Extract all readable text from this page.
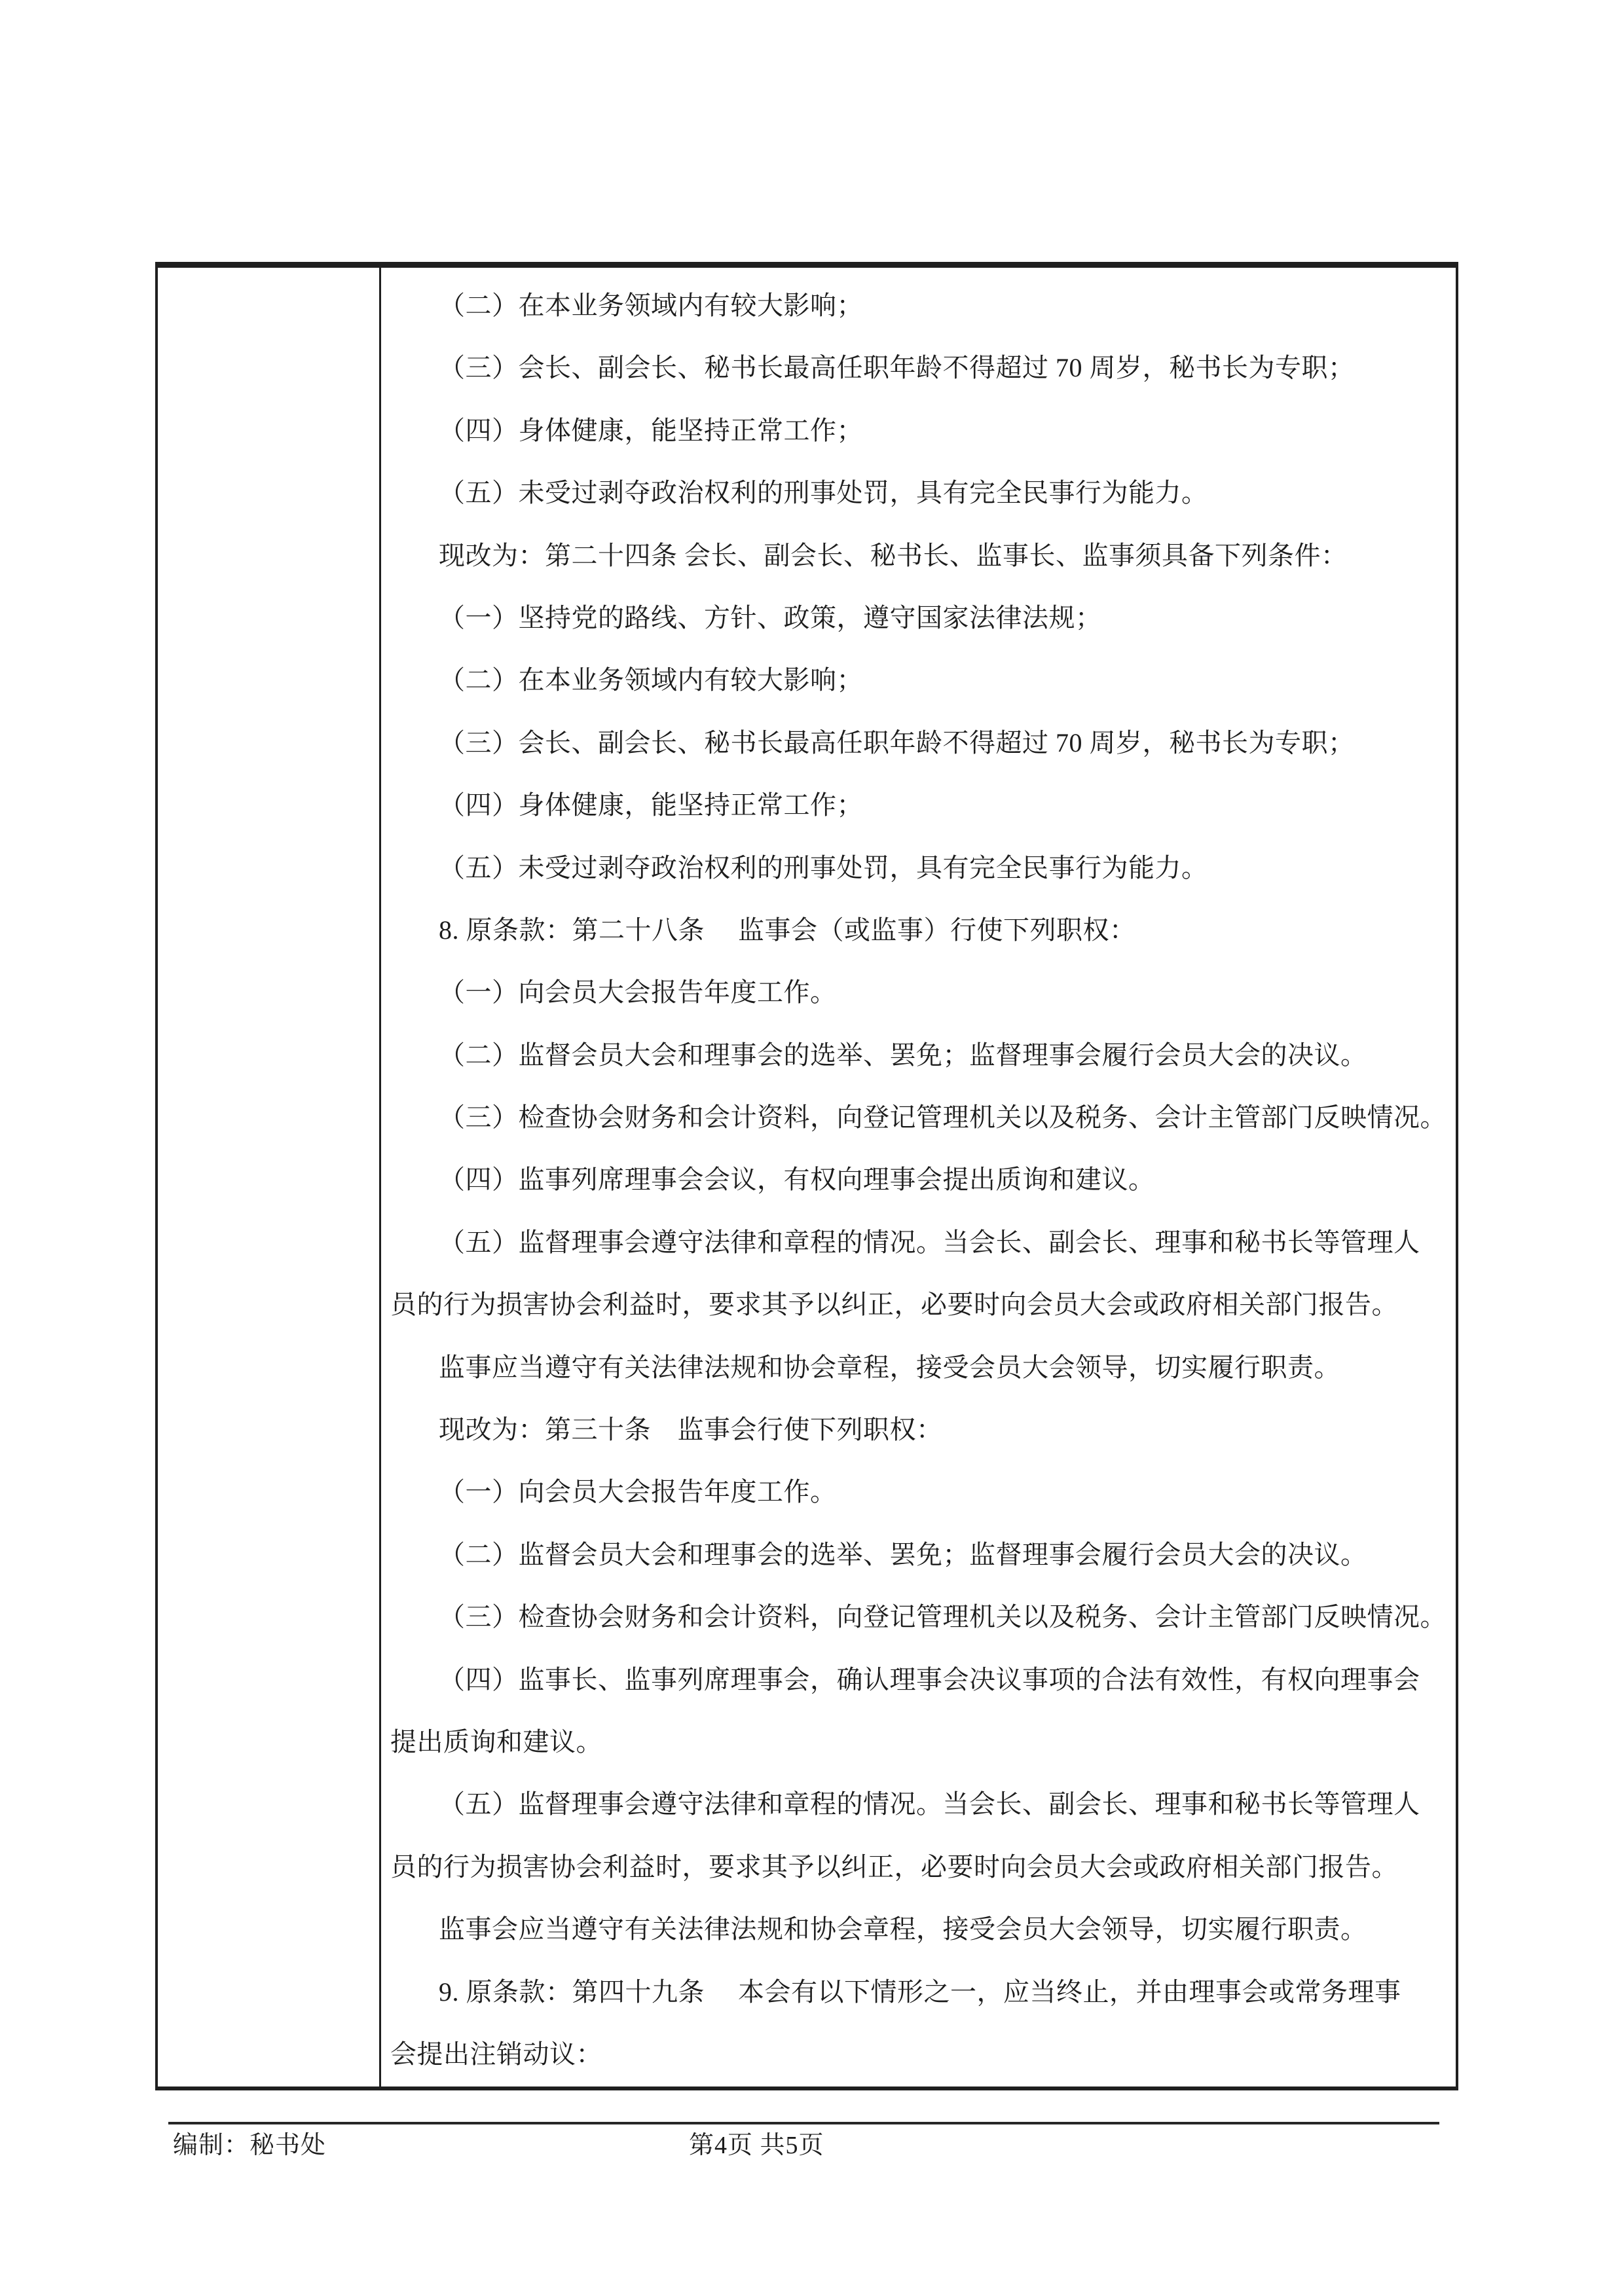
（二）在本业务领域内有较大影响；
（三）会长、副会长、秘书长最高任职年龄不得超过 70 周岁，秘书长为专职；
（四）身体健康，能坚持正常工作；
（五）未受过剥夺政治权利的刑事处罚，具有完全民事行为能力。
现改为：第二十四条 会长、副会长、秘书长、监事长、监事须具备下列条件：
（一）坚持党的路线、方针、政策，遵守国家法律法规；
（二）在本业务领域内有较大影响；
（三）会长、副会长、秘书长最高任职年龄不得超过 70 周岁，秘书长为专职；
（四）身体健康，能坚持正常工作；
（五）未受过剥夺政治权利的刑事处罚，具有完全民事行为能力。
8. 原条款：第二十八条　 监事会（或监事）行使下列职权：
（一）向会员大会报告年度工作。
（二）监督会员大会和理事会的选举、罢免；监督理事会履行会员大会的决议。
（三）检查协会财务和会计资料，向登记管理机关以及税务、会计主管部门反映情况。
（四）监事列席理事会会议，有权向理事会提出质询和建议。
（五）监督理事会遵守法律和章程的情况。当会长、副会长、理事和秘书长等管理人
员的行为损害协会利益时，要求其予以纠正，必要时向会员大会或政府相关部门报告。
监事应当遵守有关法律法规和协会章程，接受会员大会领导，切实履行职责。
现改为：第三十条　监事会行使下列职权：
（一）向会员大会报告年度工作。
（二）监督会员大会和理事会的选举、罢免；监督理事会履行会员大会的决议。
（三）检查协会财务和会计资料，向登记管理机关以及税务、会计主管部门反映情况。
（四）监事长、监事列席理事会，确认理事会决议事项的合法有效性，有权向理事会
提出质询和建议。
（五）监督理事会遵守法律和章程的情况。当会长、副会长、理事和秘书长等管理人
员的行为损害协会利益时，要求其予以纠正，必要时向会员大会或政府相关部门报告。
监事会应当遵守有关法律法规和协会章程，接受会员大会领导，切实履行职责。
9. 原条款：第四十九条　 本会有以下情形之一，应当终止，并由理事会或常务理事
会提出注销动议：
编制：秘书处	第4页 共5页
